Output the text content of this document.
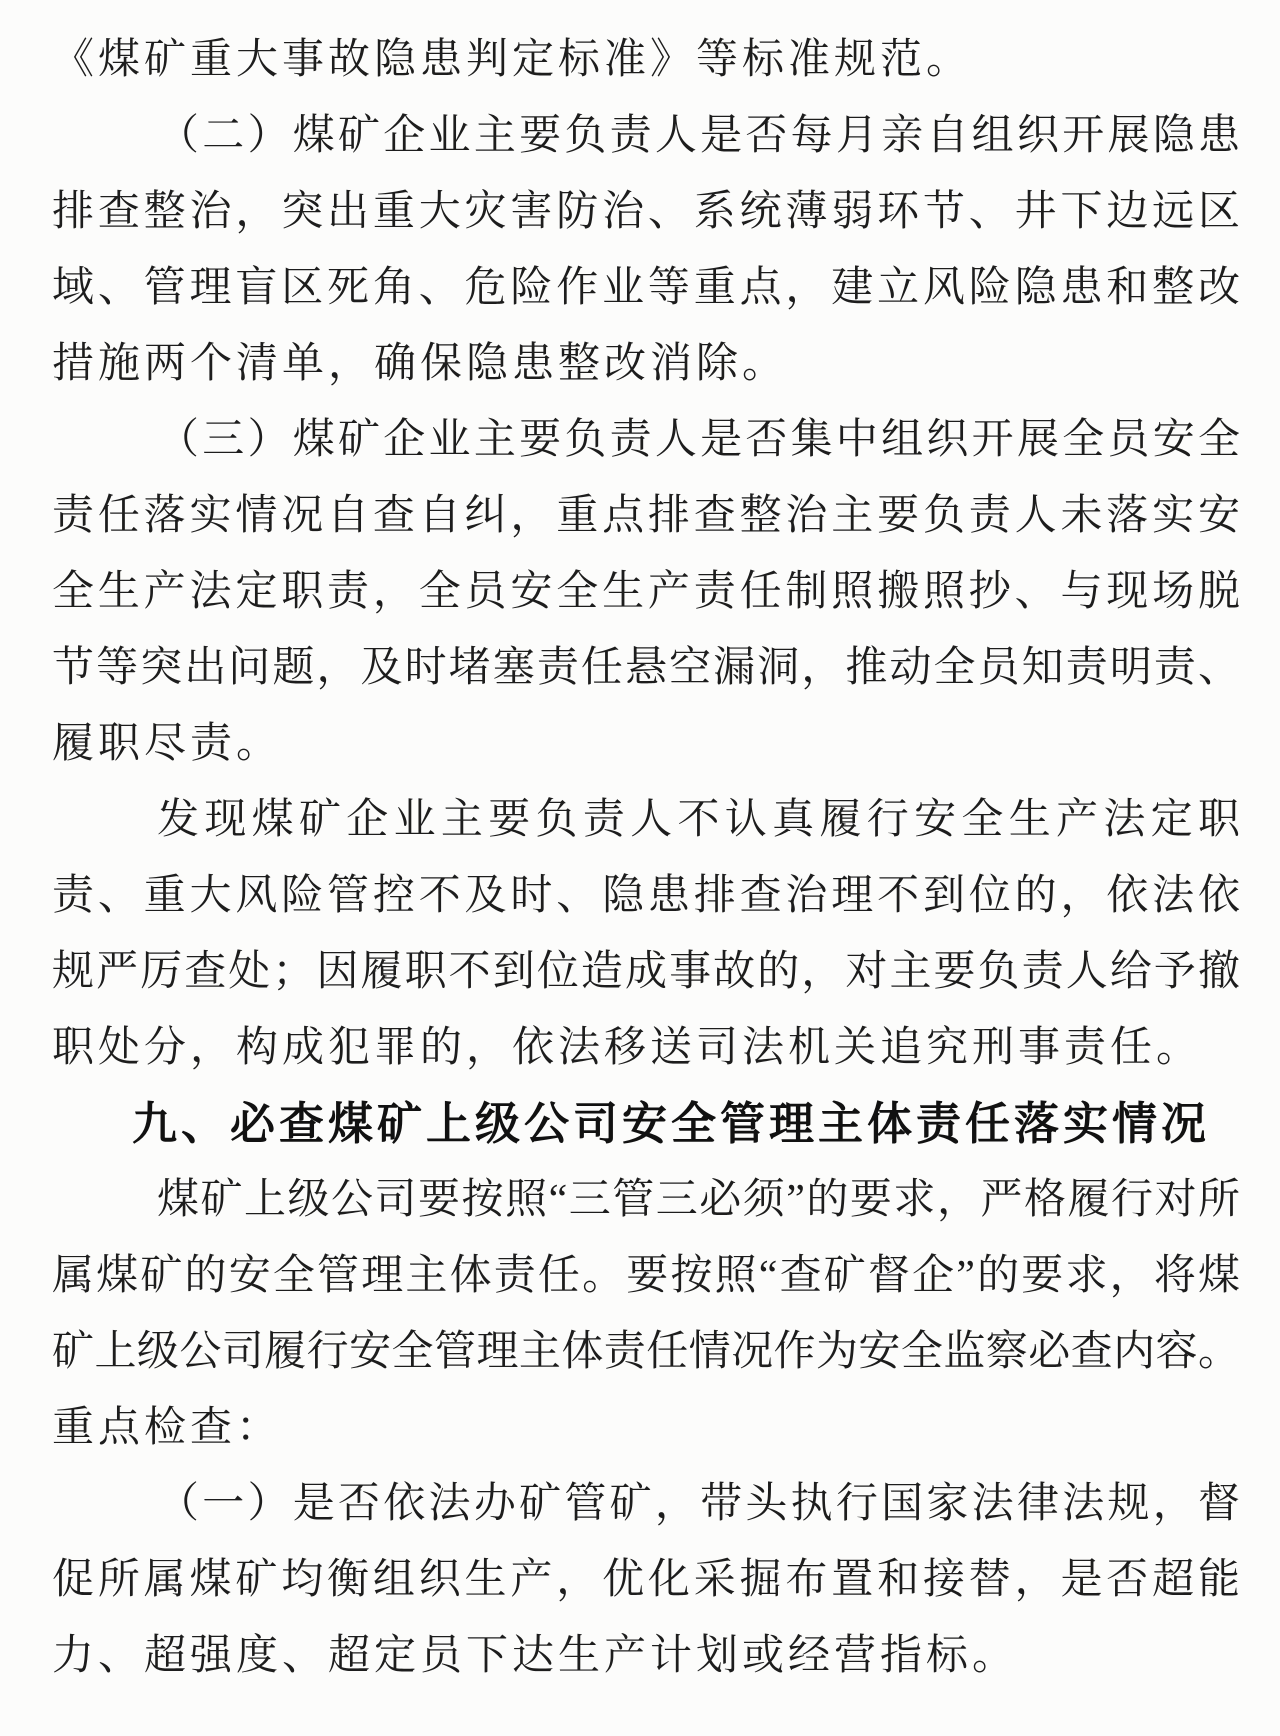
《煤矿重大事故隐患判定标准》等标准规范。
（二）煤矿企业主要负责人是否每月亲自组织开展隐患
排查整治，突出重大灾害防治、系统薄弱环节、井下边远区
域、管理盲区死角、危险作业等重点，建立风险隐患和整改
措施两个清单，确保隐患整改消除。
（三）煤矿企业主要负责人是否集中组织开展全员安全
责任落实情况自查自纠，重点排查整治主要负责人未落实安
全生产法定职责，全员安全生产责任制照搬照抄、与现场脱
节等突出问题，及时堵塞责任悬空漏洞，推动全员知责明责、
履职尽责。
发现煤矿企业主要负责人不认真履行安全生产法定职
责、重大风险管控不及时、隐患排查治理不到位的，依法依
规严厉查处；因履职不到位造成事故的，对主要负责人给予撤
职处分，构成犯罪的，依法移送司法机关追究刑事责任。
九、必查煤矿上级公司安全管理主体责任落实情况
煤矿上级公司要按照“三管三必须”的要求，严格履行对所
属煤矿的安全管理主体责任。要按照“查矿督企”的要求，将煤
矿上级公司履行安全管理主体责任情况作为安全监察必查内容。
重点检查：
（一）是否依法办矿管矿，带头执行国家法律法规，督
促所属煤矿均衡组织生产，优化采掘布置和接替，是否超能
力、超强度、超定员下达生产计划或经营指标。
